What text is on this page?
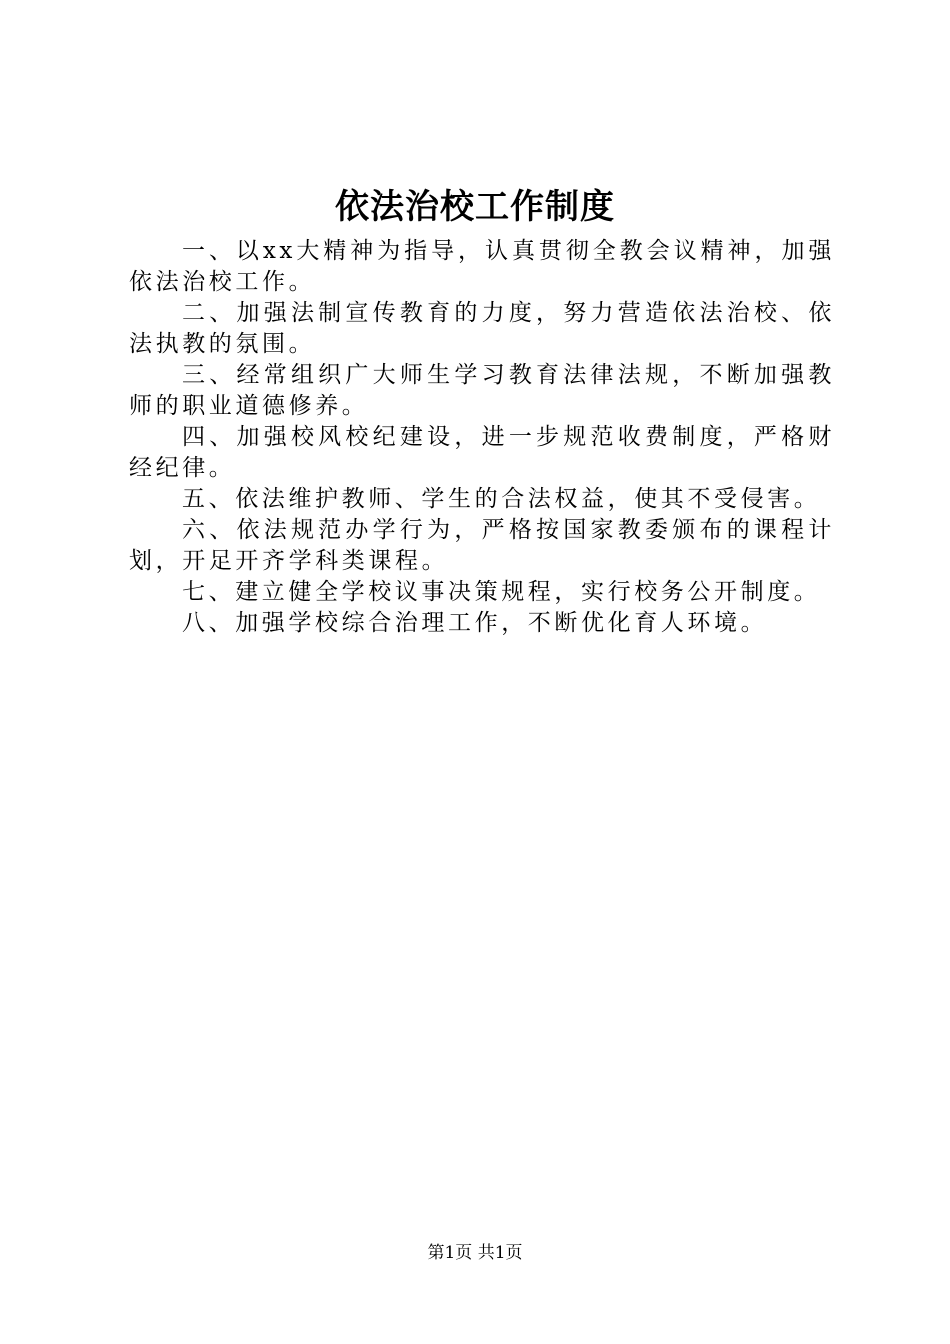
依法治校工作制度

一、以xx大精神为指导，认真贯彻全教会议精神，加强依法治校工作。

二、加强法制宣传教育的力度，努力营造依法治校、依法执教的氛围。

三、经常组织广大师生学习教育法律法规，不断加强教师的职业道德修养。

四、加强校风校纪建设，进一步规范收费制度，严格财经纪律。

五、依法维护教师、学生的合法权益，使其不受侵害。

六、依法规范办学行为，严格按国家教委颁布的课程计划，开足开齐学科类课程。

七、建立健全学校议事决策规程，实行校务公开制度。

八、加强学校综合治理工作，不断优化育人环境。

第1页 共1页
